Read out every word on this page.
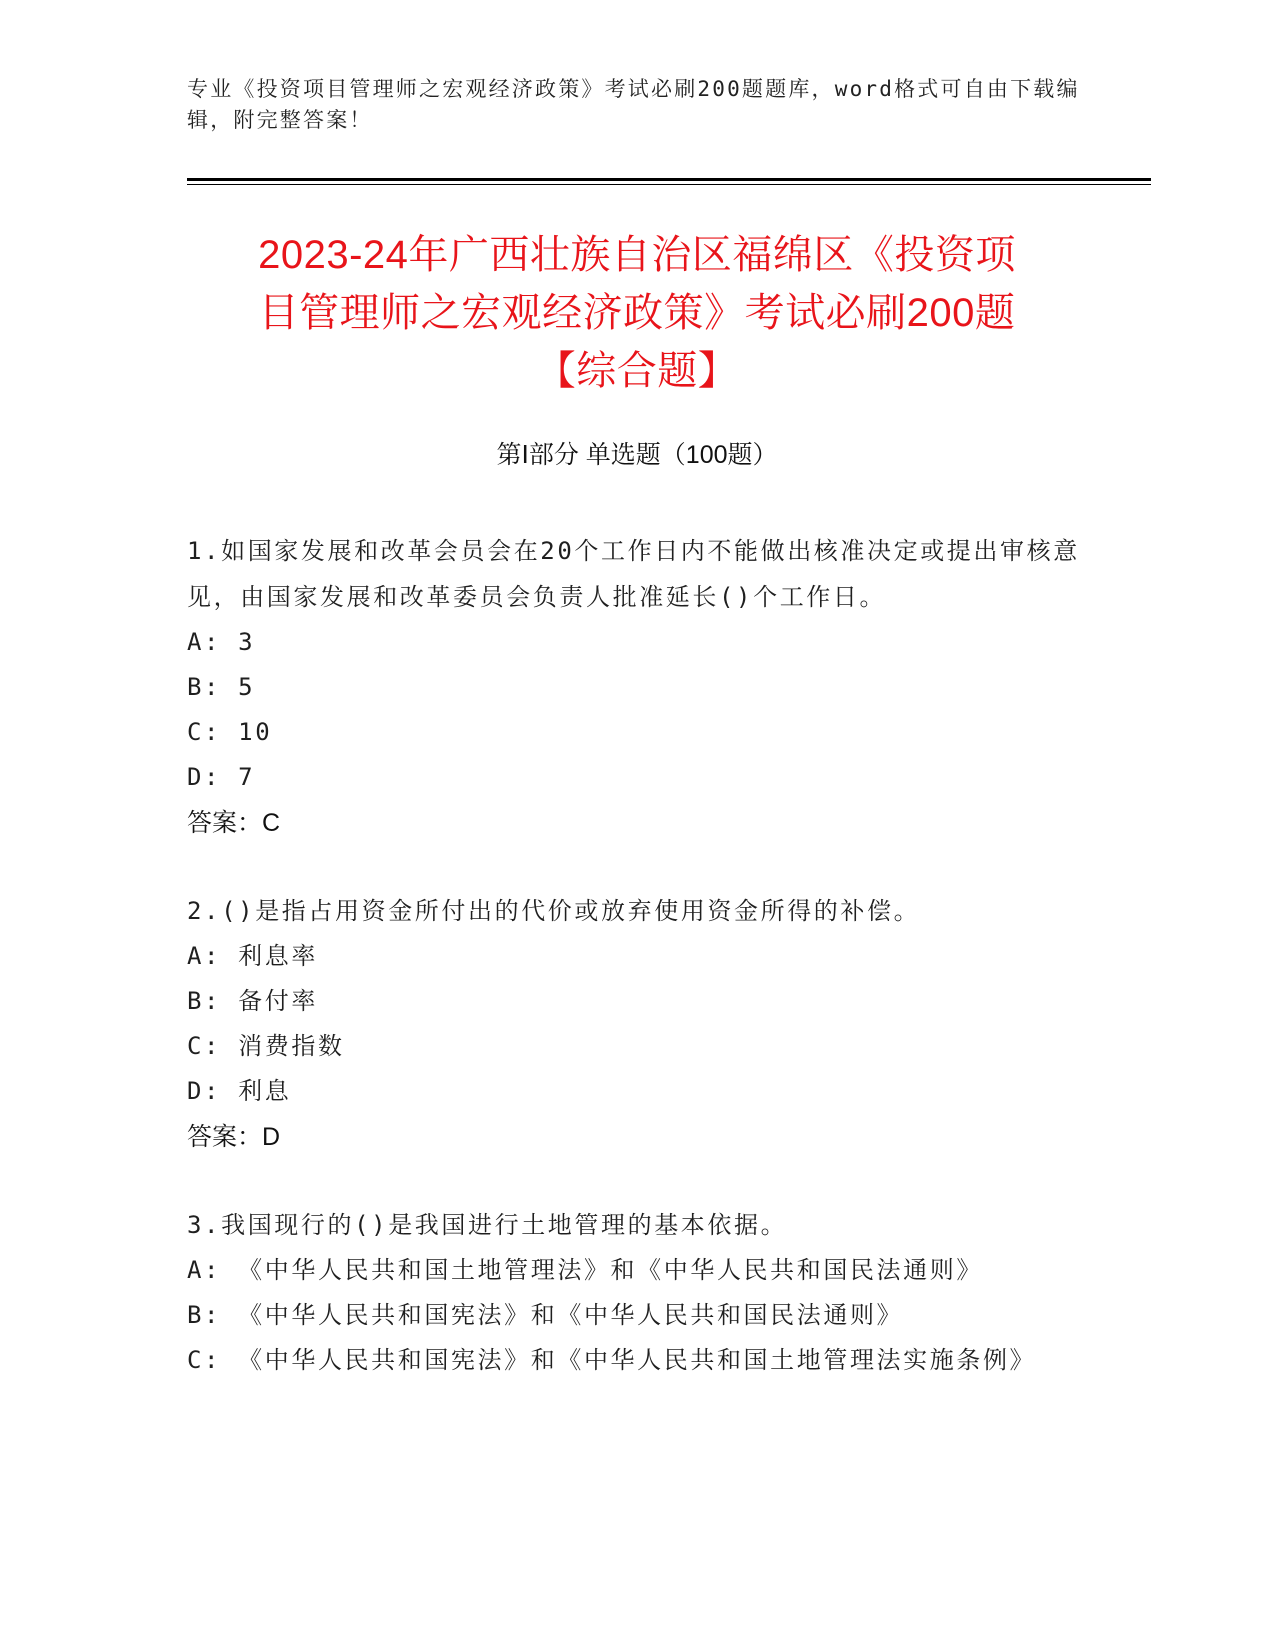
专业《投资项目管理师之宏观经济政策》考试必刷200题题库，word格式可自由下载编辑，附完整答案！
2023-24年广西壮族自治区福绵区《投资项
目管理师之宏观经济政策》考试必刷200题
【综合题】
第Ⅰ部分 单选题（100题）
1.如国家发展和改革会员会在20个工作日内不能做出核准决定或提出审核意见，由国家发展和改革委员会负责人批准延长()个工作日。
A: 3
B: 5
C: 10
D: 7
答案：C
2.()是指占用资金所付出的代价或放弃使用资金所得的补偿。
A: 利息率
B: 备付率
C: 消费指数
D: 利息
答案：D
3.我国现行的()是我国进行土地管理的基本依据。
A: 《中华人民共和国土地管理法》和《中华人民共和国民法通则》
B: 《中华人民共和国宪法》和《中华人民共和国民法通则》
C: 《中华人民共和国宪法》和《中华人民共和国土地管理法实施条例》
